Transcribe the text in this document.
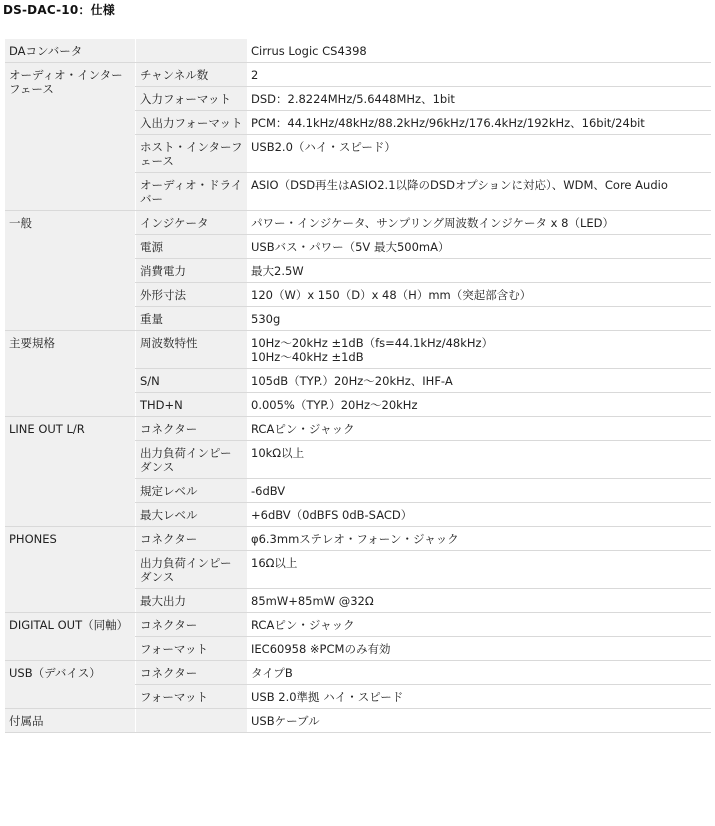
DS-DAC-10：仕様
DAコンバータ		Cirrus Logic CS4398
オーディオ・インターフェース	チャンネル数	2
	入力フォーマット	DSD：2.8224MHz/5.6448MHz、1bit
	入出力フォーマット	PCM：44.1kHz/48kHz/88.2kHz/96kHz/176.4kHz/192kHz、16bit/24bit
	ホスト・インターフェース	USB2.0（ハイ・スピード）
	オーディオ・ドライバー	ASIO（DSD再生はASIO2.1以降のDSDオプションに対応）、WDM、Core Audio
一般	インジケータ	パワー・インジケータ、サンプリング周波数インジケータ x 8（LED）
	電源	USBバス・パワー（5V 最大500mA）
	消費電力	最大2.5W
	外形寸法	120（W）x 150（D）x 48（H）mm（突起部含む）
	重量	530g
主要規格	周波数特性	10Hz～20kHz ±1dB（fs=44.1kHz/48kHz）
10Hz～40kHz ±1dB

	S/N	105dB（TYP.）20Hz～20kHz、IHF-A
	THD+N	0.005%（TYP.）20Hz～20kHz
LINE OUT L/R	コネクター	RCAピン・ジャック
	出力負荷インピーダンス	10kΩ以上
	規定レベル	-6dBV
	最大レベル	+6dBV（0dBFS 0dB-SACD）
PHONES	コネクター	φ6.3mmステレオ・フォーン・ジャック
	出力負荷インピーダンス	16Ω以上
	最大出力	85mW+85mW @32Ω
DIGITAL OUT（同軸）	コネクター	RCAピン・ジャック
	フォーマット	IEC60958 ※PCMのみ有効
USB（デバイス）	コネクター	タイプB
	フォーマット	USB 2.0準拠 ハイ・スピード
付属品		USBケーブル
